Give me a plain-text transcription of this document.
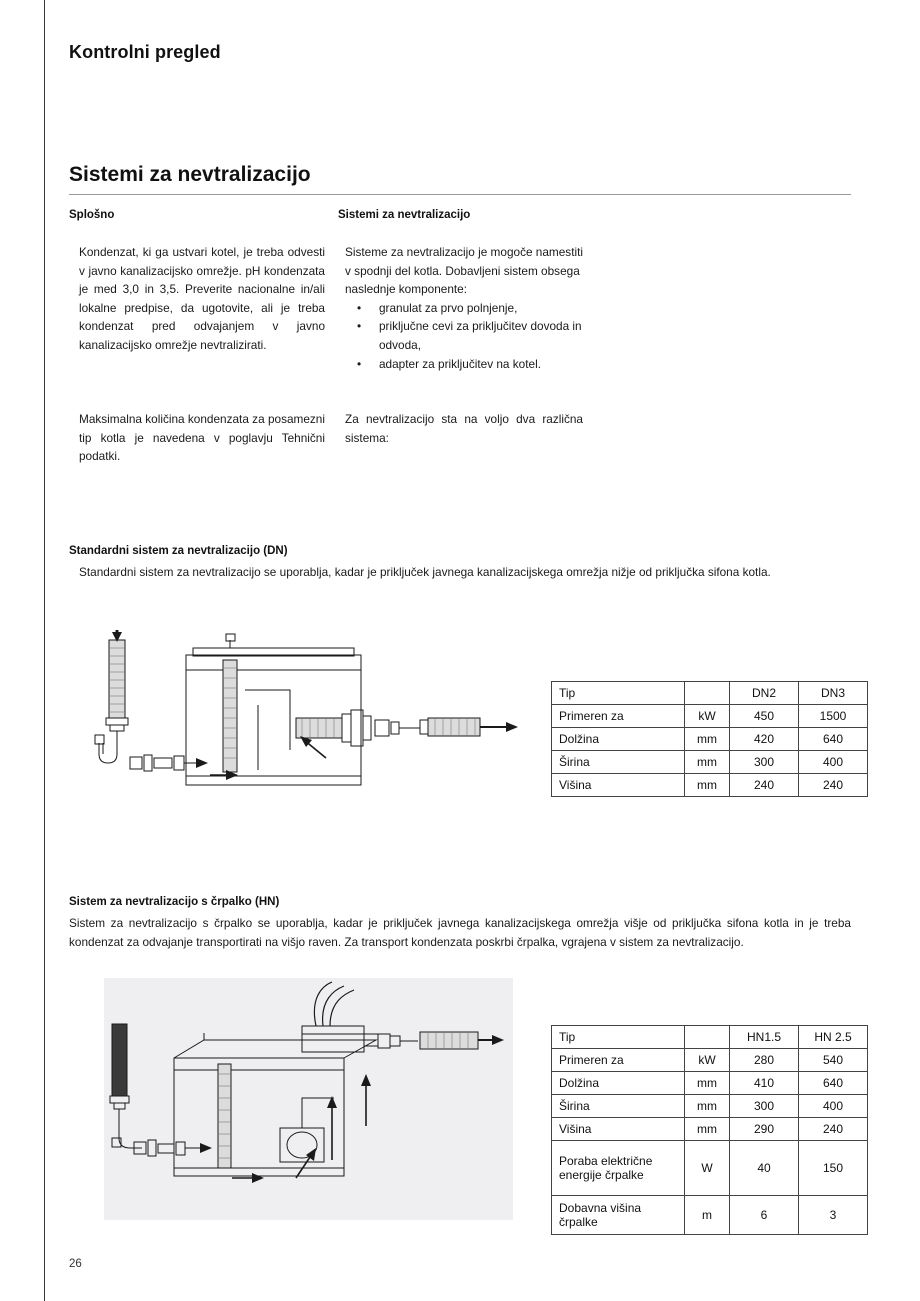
Kontrolni pregled
Sistemi za nevtralizacijo
Splošno
Kondenzat, ki ga ustvari kotel, je treba odvesti v javno kanalizacijsko omrežje. pH kondenzata je med 3,0 in 3,5. Preverite nacionalne in/ali lokalne predpise, da ugotovite, ali je treba kondenzat pred odvajanjem v javno kanalizacijsko omrežje nevtralizirati.
Maksimalna količina kondenzata za posamezni tip kotla je navedena v poglavju Tehnični podatki.
Sistemi za nevtralizacijo
Sisteme za nevtralizacijo je mogoče namestiti v spodnji del kotla. Dobavljeni sistem obsega naslednje komponente:
• granulat za prvo polnjenje,
• priključne cevi za priključitev dovoda in odvoda,
• adapter za priključitev na kotel.
Za nevtralizacijo sta na voljo dva različna sistema:
Standardni sistem za nevtralizacijo (DN)
Standardni sistem za nevtralizacijo se uporablja, kadar je priključek javnega kanalizacijskega omrežja nižje od priključka sifona kotla.
Tip		DN2	DN3
Primeren za	kW	450	1500
Dolžina	mm	420	640
Širina	mm	300	400
Višina	mm	240	240
Sistem za nevtralizacijo s črpalko (HN)
Sistem za nevtralizacijo s črpalko se uporablja, kadar je priključek javnega kanalizacijskega omrežja višje od priključka sifona kotla in je treba kondenzat za odvajanje transportirati na višjo raven. Za transport kondenzata poskrbi črpalka, vgrajena v sistem za nevtralizacijo.
Tip		HN1.5	HN 2.5
Primeren za	kW	280	540
Dolžina	mm	410	640
Širina	mm	300	400
Višina	mm	290	240
Poraba električne energije črpalke	W	40	150
Dobavna višina črpalke	m	6	3
26
